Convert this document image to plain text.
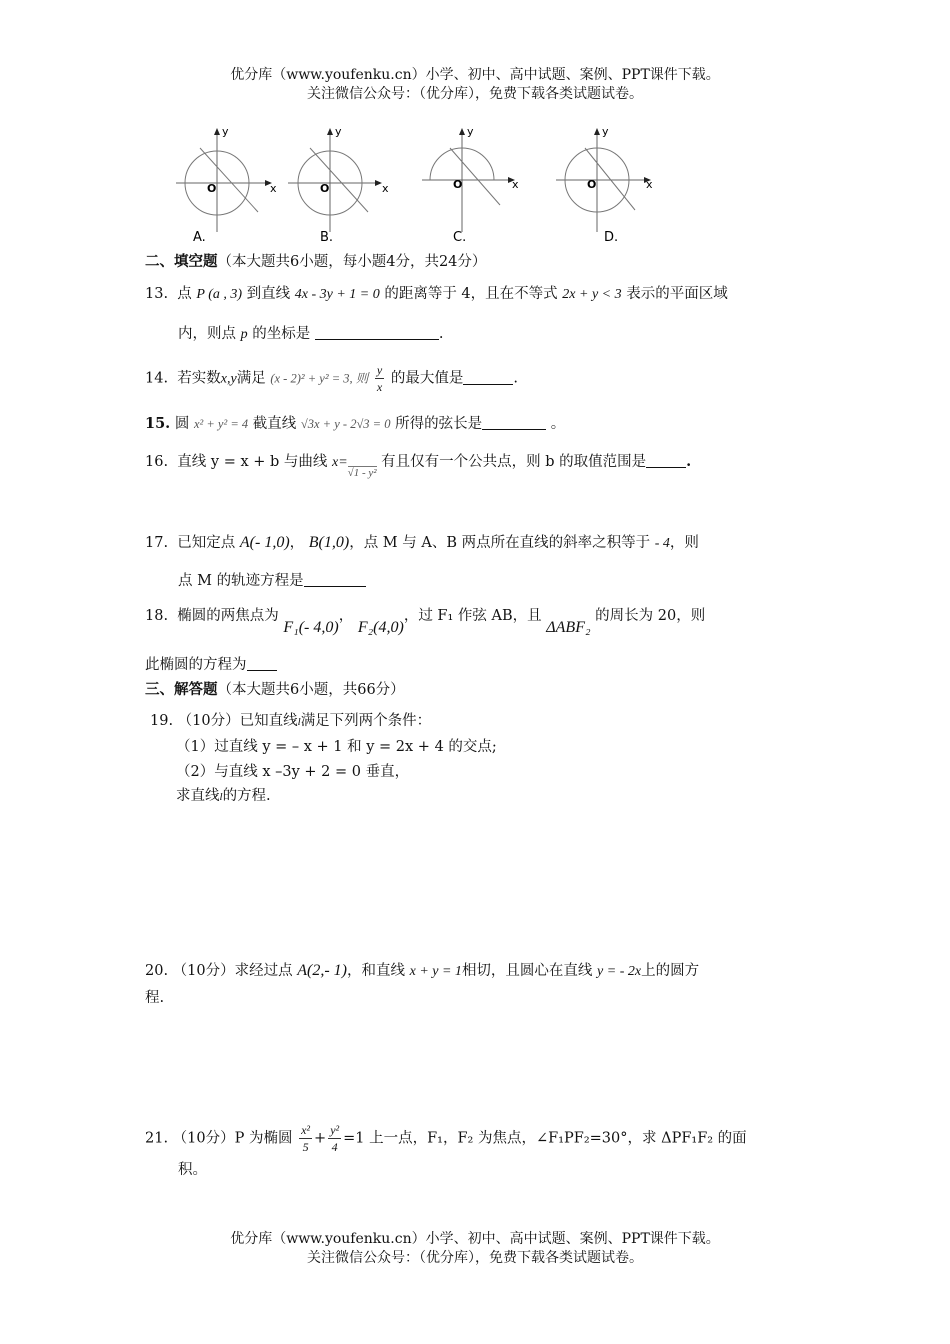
优分库（www.youfenku.cn）小学、初中、高中试题、案例、PPT课件下载。
关注微信公众号：（优分库），免费下载各类试题试卷。
y
O	x
A.
y
O	x
B.
y
O	x
C.
y
O	x
D.
二、填空题（本大题共6小题，每小题4分，共24分）
13. 点 P (a , 3) 到直线 4x - 3y + 1 = 0 的距离等于 4，且在不等式 2x + y < 3 表示的平面区域
内，则点 p 的坐标是	.
14. 若实数x,y满足 (x - 2)² + y² = 3, 则 $\frac{y}{x}$ 的最大值是	.
15. 圆 x² + y² = 4 截直线 √3x + y - 2√3 = 0 所得的弦长是	。
16. 直线 y = x + b 与曲线 $x=_{√1 - y^2}$ 有且仅有一个公共点，则 b 的取值范围是	.
17. 已知定点 A(- 1,0)， B(1,0)，点 M 与 A、B 两点所在直线的斜率之积等于 - 4，则
点 M 的轨迹方程是
18. 椭圆的两焦点为 F₁(- 4,0)， F₂(4,0)，过 F₁ 作弦 AB，且 ΔABF₂ 的周长为 20，则
此椭圆的方程为
三、解答题（本大题共6小题，共66分）
19. （10分）已知直线l满足下列两个条件：
（1）过直线 y = – x + 1 和 y = 2x + 4 的交点;
（2）与直线 x –3y + 2 = 0 垂直，
求直线l的方程.
20. （10分）求经过点 A(2,- 1)，和直线 x + y = 1相切，且圆心在直线 y = - 2x上的圆方
程.
21. （10分）P 为椭圆 $\frac{\text{x²}}{5} + \frac{\text{y²}}{4} =1$ 上一点，F₁，F₂ 为焦点，∠F₁PF₂=30°，求 ΔPF₁F₂ 的面
积。
优分库（www.youfenku.cn）小学、初中、高中试题、案例、PPT课件下载。
关注微信公众号：（优分库），免费下载各类试题试卷。
